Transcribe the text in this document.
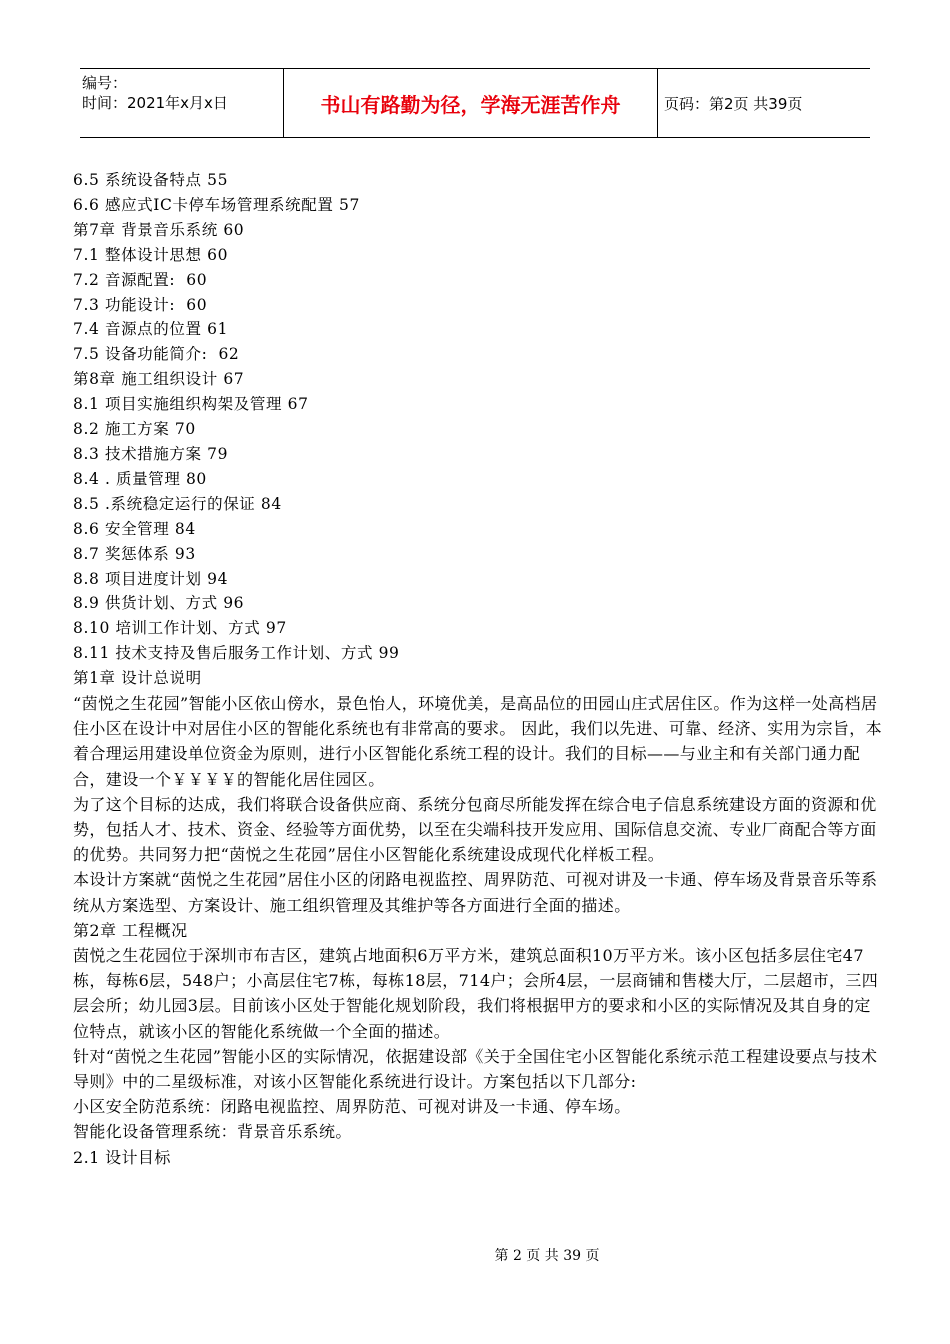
编号：
时间：2021年x月x日	书山有路勤为径，学海无涯苦作舟	页码：第2页 共39页
6.5 系统设备特点 55
6.6 感应式IC卡停车场管理系统配置 57
第7章 背景音乐系统 60
7.1 整体设计思想 60
7.2 音源配置:  60
7.3 功能设计:  60
7.4 音源点的位置 61
7.5 设备功能简介:  62
第8章 施工组织设计 67
8.1 项目实施组织构架及管理 67
8.2 施工方案 70
8.3 技术措施方案 79
8.4 . 质量管理 80
8.5 .系统稳定运行的保证 84
8.6 安全管理 84
8.7 奖惩体系 93
8.8 项目进度计划 94
8.9 供货计划、方式 96
8.10 培训工作计划、方式 97
8.11 技术支持及售后服务工作计划、方式 99
第1章 设计总说明

“茵悦之生花园”智能小区依山傍水，景色怡人，环境优美，是高品位的田园山庄式居住区。作为这样一处高档居住小区在设计中对居住小区的智能化系统也有非常高的要求。 因此，我们以先进、可靠、经济、实用为宗旨，本着合理运用建设单位资金为原则，进行小区智能化系统工程的设计。我们的目标——与业主和有关部门通力配合，建设一个￥￥￥￥的智能化居住园区。

为了这个目标的达成，我们将联合设备供应商、系统分包商尽所能发挥在综合电子信息系统建设方面的资源和优势，包括人才、技术、资金、经验等方面优势，以至在尖端科技开发应用、国际信息交流、专业厂商配合等方面的优势。共同努力把“茵悦之生花园”居住小区智能化系统建设成现代化样板工程。

本设计方案就“茵悦之生花园”居住小区的闭路电视监控、周界防范、可视对讲及一卡通、停车场及背景音乐等系统从方案选型、方案设计、施工组织管理及其维护等各方面进行全面的描述。

第2章 工程概况

茵悦之生花园位于深圳市布吉区，建筑占地面积6万平方米，建筑总面积10万平方米。该小区包括多层住宅47栋，每栋6层，548户；小高层住宅7栋，每栋18层，714户；会所4层，一层商铺和售楼大厅，二层超市，三四层会所；幼儿园3层。目前该小区处于智能化规划阶段，我们将根据甲方的要求和小区的实际情况及其自身的定位特点，就该小区的智能化系统做一个全面的描述。

针对“茵悦之生花园”智能小区的实际情况，依据建设部《关于全国住宅小区智能化系统示范工程建设要点与技术导则》中的二星级标准，对该小区智能化系统进行设计。方案包括以下几部分:

小区安全防范系统：闭路电视监控、周界防范、可视对讲及一卡通、停车场。

智能化设备管理系统：背景音乐系统。

2.1 设计目标

第 2 页 共 39 页
